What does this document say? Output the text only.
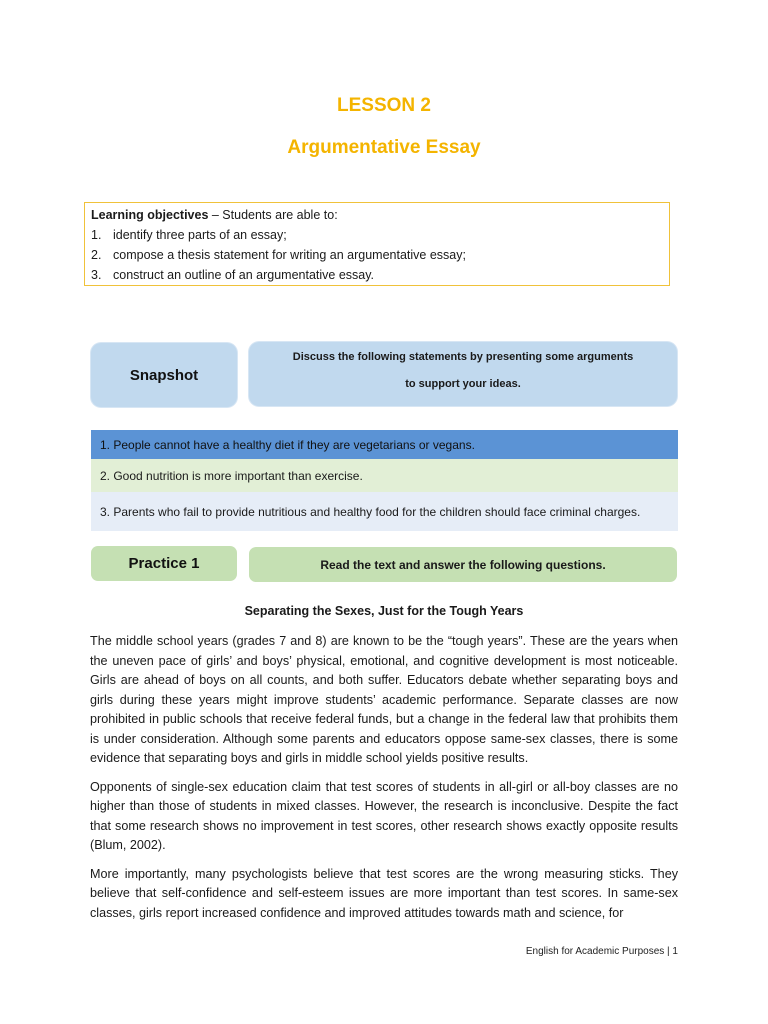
LESSON 2
Argumentative Essay
Learning objectives – Students are able to:
1. identify three parts of an essay;
2. compose a thesis statement for writing an argumentative essay;
3. construct an outline of an argumentative essay.
Snapshot
Discuss the following statements by presenting some arguments
to support your ideas.
1. People cannot have a healthy diet if they are vegetarians or vegans.
2. Good nutrition is more important than exercise.
3. Parents who fail to provide nutritious and healthy food for the children should face criminal charges.
Practice 1	Read the text and answer the following questions.
Separating the Sexes, Just for the Tough Years

The middle school years (grades 7 and 8) are known to be the “tough years”. These are the years when the uneven pace of girls’ and boys’ physical, emotional, and cognitive development is most noticeable. Girls are ahead of boys on all counts, and both suffer. Educators debate whether separating boys and girls during these years might improve students’ academic performance. Separate classes are now prohibited in public schools that receive federal funds, but a change in the federal law that prohibits them is under consideration. Although some parents and educators oppose same-sex classes, there is some evidence that separating boys and girls in middle school yields positive results.

Opponents of single-sex education claim that test scores of students in all-girl or all-boy classes are no higher than those of students in mixed classes. However, the research is inconclusive. Despite the fact that some research shows no improvement in test scores, other research shows exactly opposite results (Blum, 2002).

More importantly, many psychologists believe that test scores are the wrong measuring sticks. They believe that self-confidence and self-esteem issues are more important than test scores. In same-sex classes, girls report increased confidence and improved attitudes towards math and science, for

English for Academic Purposes | 1
